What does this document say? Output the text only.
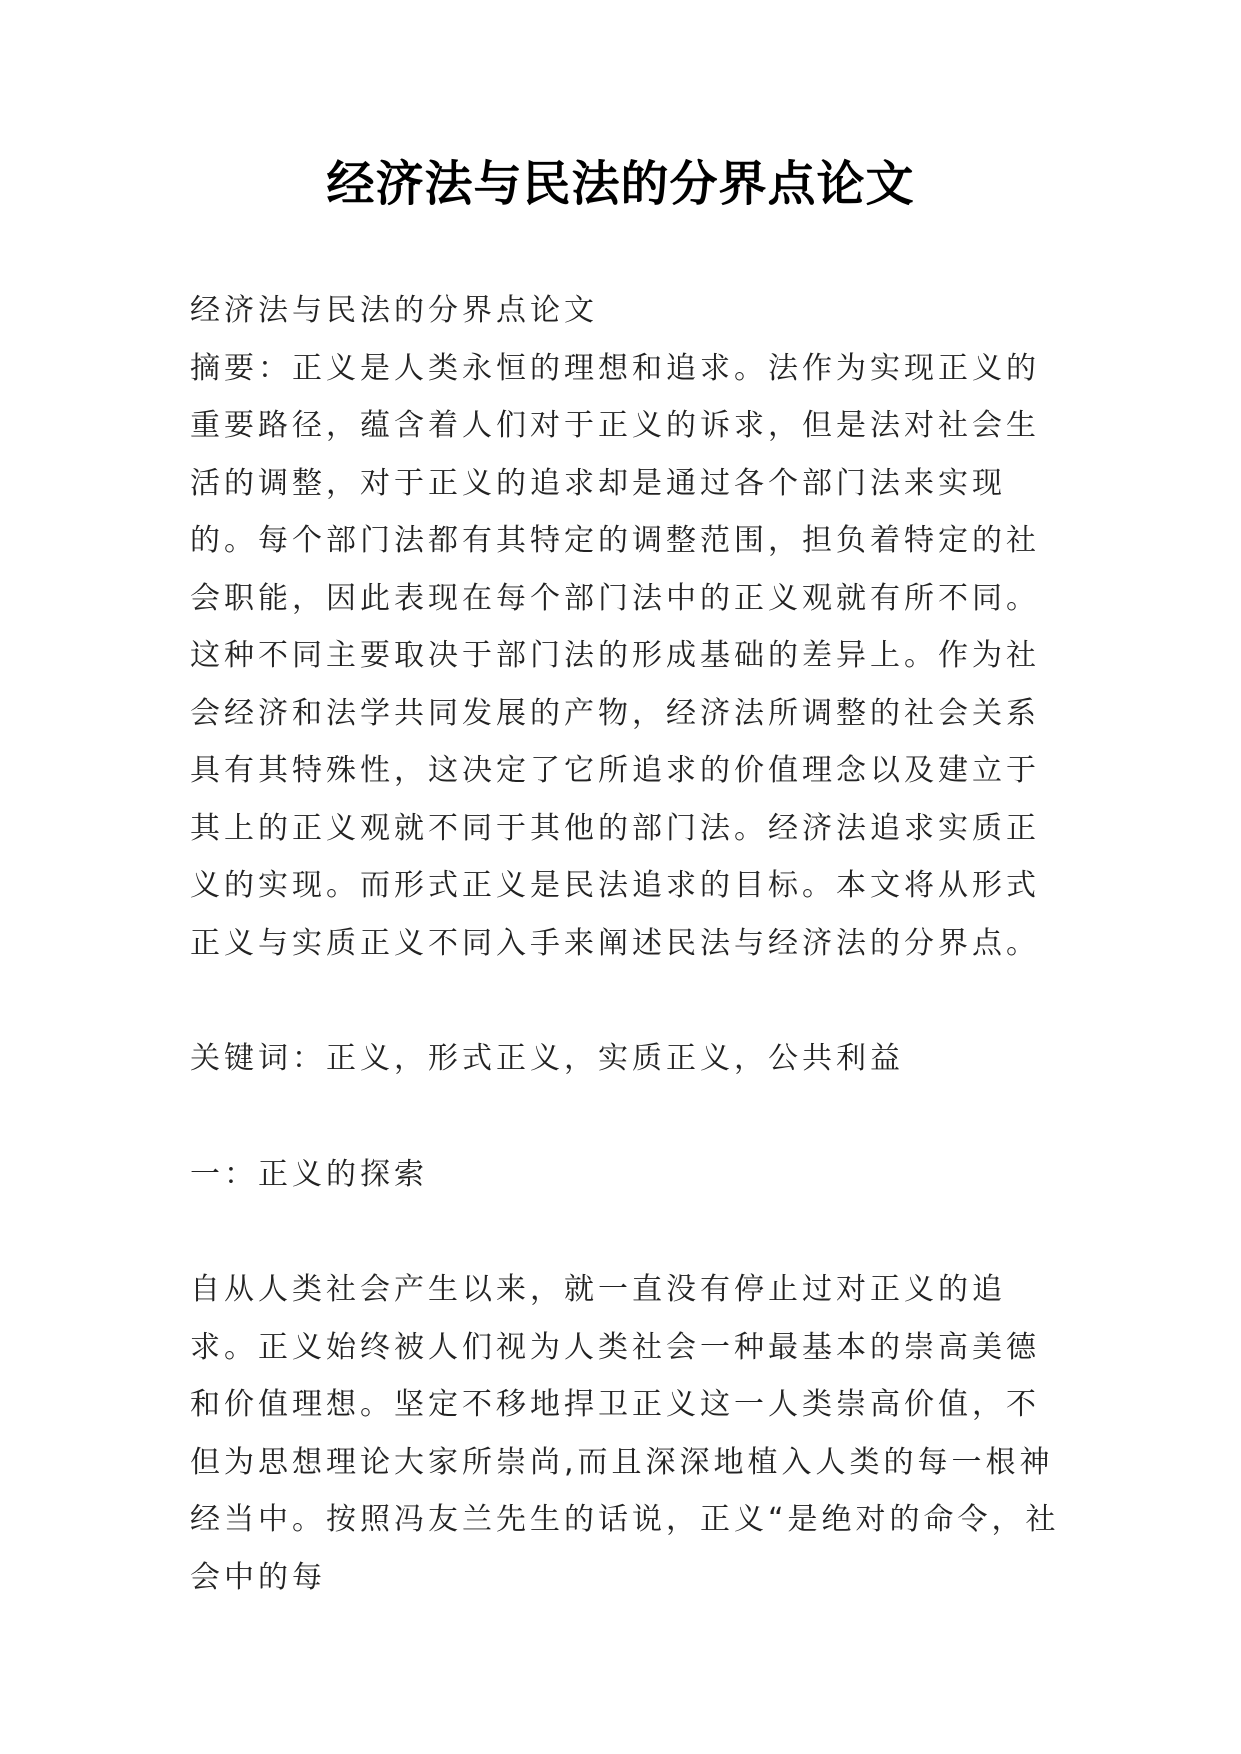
经济法与民法的分界点论文

经济法与民法的分界点论文

摘要：正义是人类永恒的理想和追求。法作为实现正义的重要路径，蕴含着人们对于正义的诉求，但是法对社会生活的调整，对于正义的追求却是通过各个部门法来实现的。每个部门法都有其特定的调整范围，担负着特定的社会职能，因此表现在每个部门法中的正义观就有所不同。这种不同主要取决于部门法的形成基础的差异上。作为社会经济和法学共同发展的产物，经济法所调整的社会关系具有其特殊性，这决定了它所追求的价值理念以及建立于其上的正义观就不同于其他的部门法。经济法追求实质正义的实现。而形式正义是民法追求的目标。本文将从形式正义与实质正义不同入手来阐述民法与经济法的分界点。

关键词：正义，形式正义，实质正义，公共利益

一：正义的探索

自从人类社会产生以来，就一直没有停止过对正义的追求。正义始终被人们视为人类社会一种最基本的崇高美德和价值理想。坚定不移地捍卫正义这一人类崇高价值，不但为思想理论大家所崇尚,而且深深地植入人类的每一根神经当中。按照冯友兰先生的话说，正义“是绝对的命令，社会中的每
